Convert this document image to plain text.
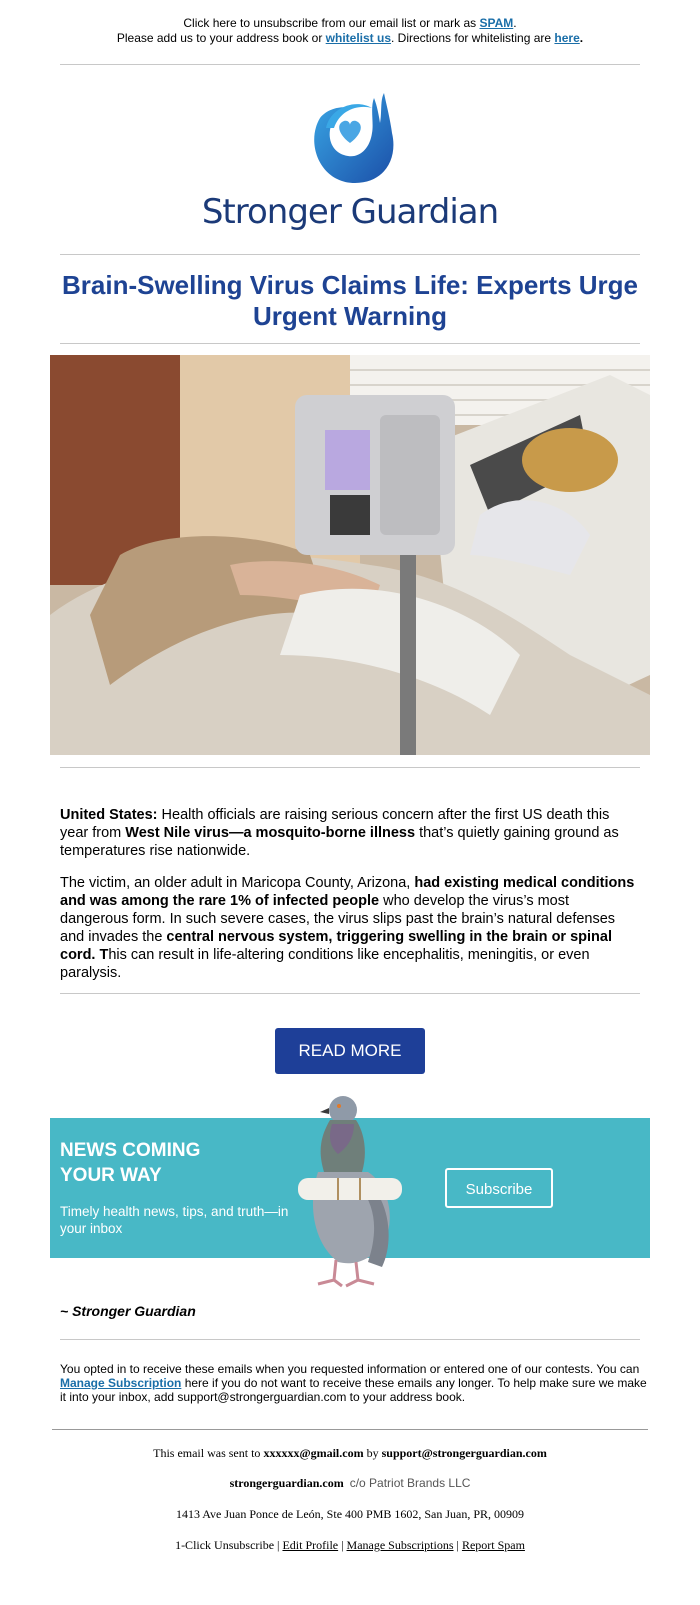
Click here to unsubscribe from our email list or mark as SPAM.
Please add us to your address book or whitelist us. Directions for whitelisting are here.
Stronger Guardian
Brain-Swelling Virus Claims Life: Experts Urge Urgent Warning

United States: Health officials are raising serious concern after the first US death this year from West Nile virus—a mosquito-borne illness that’s quietly gaining ground as temperatures rise nationwide.

The victim, an older adult in Maricopa County, Arizona, had existing medical conditions and was among the rare 1% of infected people who develop the virus’s most dangerous form. In such severe cases, the virus slips past the brain’s natural defenses and invades the central nervous system, triggering swelling in the brain or spinal cord. This can result in life-altering conditions like encephalitis, meningitis, or even paralysis.

READ MORE
NEWS COMING
YOUR WAY
Timely health news, tips, and truth—in your inbox
Subscribe
~ Stronger Guardian
You opted in to receive these emails when you requested information or entered one of our contests. You can Manage Subscription here if you do not want to receive these emails any longer. To help make sure we make it into your inbox, add support@strongerguardian.com to your address book.
This email was sent to xxxxxx@gmail.com by support@strongerguardian.com
strongerguardian.com c/o Patriot Brands LLC
1413 Ave Juan Ponce de León, Ste 400 PMB 1602, San Juan, PR, 00909
1-Click Unsubscribe | Edit Profile | Manage Subscriptions | Report Spam
